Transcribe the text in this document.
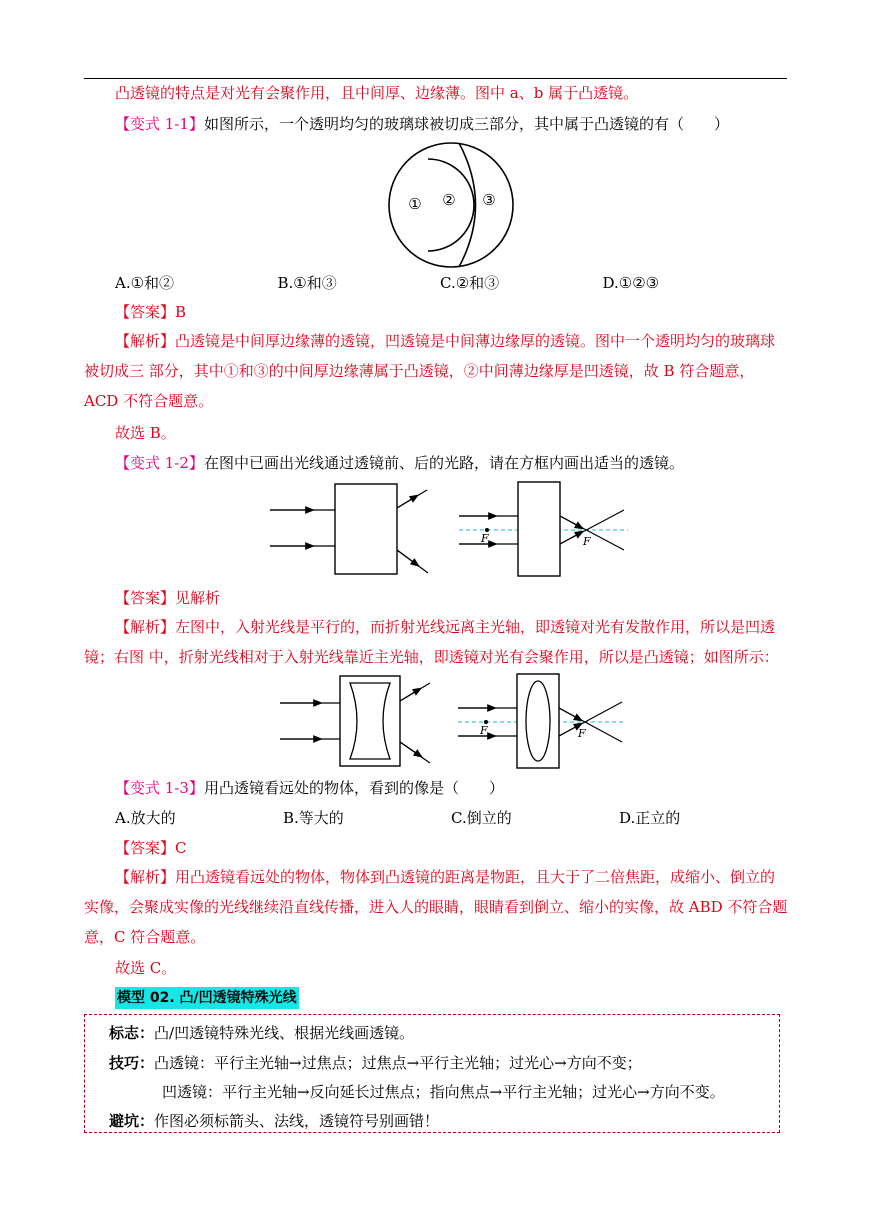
凸透镜的特点是对光有会聚作用，且中间厚、边缘薄。图中 a、b 属于凸透镜。
【变式 1-1】如图所示，一个透明均匀的玻璃球被切成三部分，其中属于凸透镜的有（　　）
① ② ③
A.①和②	B.①和③	C.②和③	D.①②③
【答案】B
【解析】凸透镜是中间厚边缘薄的透镜，凹透镜是中间薄边缘厚的透镜。图中一个透明均匀的玻璃球被切成三 部分，其中①和③的中间厚边缘薄属于凸透镜，②中间薄边缘厚是凹透镜，故 B 符合题意，ACD 不符合题意。
故选 B。
【变式 1-2】在图中已画出光线通过透镜前、后的光路，请在方框内画出适当的透镜。
F	F
【答案】见解析
【解析】左图中，入射光线是平行的，而折射光线远离主光轴，即透镜对光有发散作用，所以是凹透镜；右图 中，折射光线相对于入射光线靠近主光轴，即透镜对光有会聚作用，所以是凸透镜；如图所示：
F	F
【变式 1-3】用凸透镜看远处的物体，看到的像是（　　）
A.放大的	B.等大的	C.倒立的	D.正立的
【答案】C
【解析】用凸透镜看远处的物体，物体到凸透镜的距离是物距，且大于了二倍焦距，成缩小、倒立的实像，会聚成实像的光线继续沿直线传播，进入人的眼睛，眼睛看到倒立、缩小的实像，故 ABD 不符合题意，C 符合题意。
故选 C。
模型 02. 凸/凹透镜特殊光线
标志：凸/凹透镜特殊光线、根据光线画透镜。
技巧：凸透镜：平行主光轴→过焦点；过焦点→平行主光轴；过光心→方向不变；
凹透镜：平行主光轴→反向延长过焦点；指向焦点→平行主光轴；过光心→方向不变。
避坑：作图必须标箭头、法线，透镜符号别画错！
